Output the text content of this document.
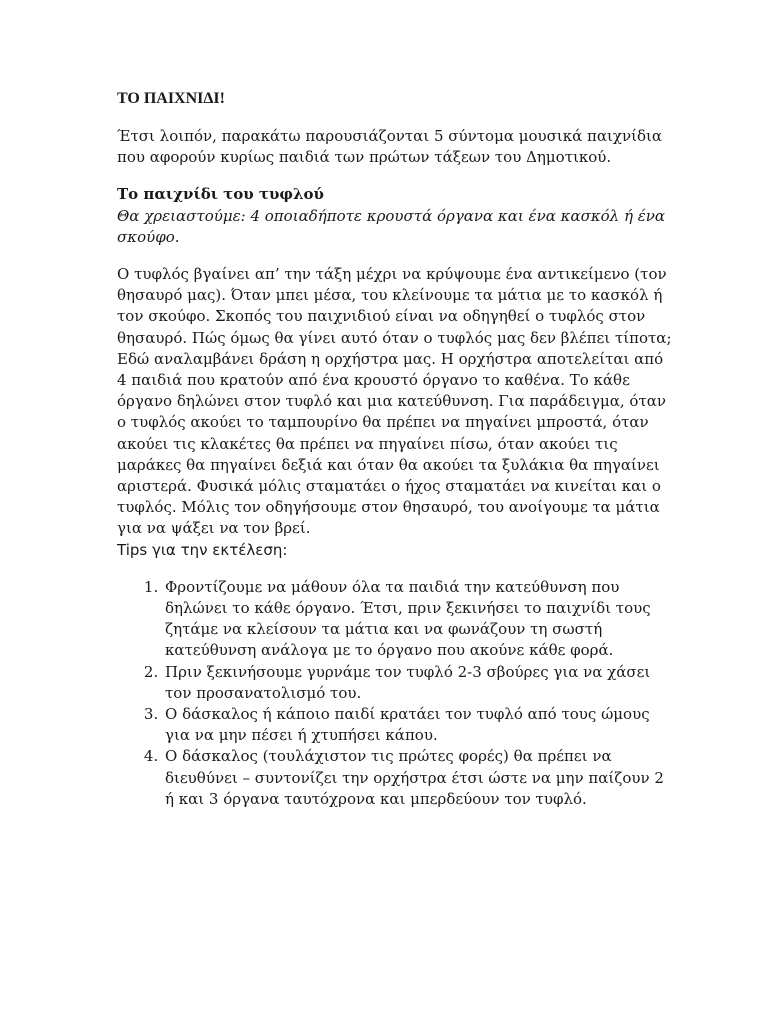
ΤΟ ΠΑΙΧΝΙΔΙ!

Έτσι λοιπόν, παρακάτω παρουσιάζονται 5 σύντομα μουσικά παιχνίδια που αφορούν κυρίως παιδιά των πρώτων τάξεων του Δημοτικού.

Το παιχνίδι του τυφλού

Θα χρειαστούμε: 4 οποιαδήποτε κρουστά όργανα και ένα κασκόλ ή ένα σκούφο.

Ο τυφλός βγαίνει απ’ την τάξη μέχρι να κρύψουμε ένα αντικείμενο (τον θησαυρό μας). Όταν μπει μέσα, του κλείνουμε τα μάτια με το κασκόλ ή τον σκούφο. Σκοπός του παιχνιδιού είναι να οδηγηθεί ο τυφλός στον θησαυρό. Πώς όμως θα γίνει αυτό όταν ο τυφλός μας δεν βλέπει τίποτα; Εδώ αναλαμβάνει δράση η ορχήστρα μας. Η ορχήστρα αποτελείται από 4 παιδιά που κρατούν από ένα κρουστό όργανο το καθένα. Το κάθε όργανο δηλώνει στον τυφλό και μια κατεύθυνση. Για παράδειγμα, όταν ο τυφλός ακούει το ταμπουρίνο θα πρέπει να πηγαίνει μπροστά, όταν ακούει τις κλακέτες θα πρέπει να πηγαίνει πίσω, όταν ακούει τις μαράκες θα πηγαίνει δεξιά και όταν θα ακούει τα ξυλάκια θα πηγαίνει αριστερά. Φυσικά μόλις σταματάει ο ήχος σταματάει να κινείται και ο τυφλός. Μόλις τον οδηγήσουμε στον θησαυρό, του ανοίγουμε τα μάτια για να ψάξει να τον βρεί.

Tips για την εκτέλεση:

1. Φροντίζουμε να μάθουν όλα τα παιδιά την κατεύθυνση που δηλώνει το κάθε όργανο. Έτσι, πριν ξεκινήσει το παιχνίδι τους ζητάμε να κλείσουν τα μάτια και να φωνάζουν τη σωστή κατεύθυνση ανάλογα με το όργανο που ακούνε κάθε φορά.
2. Πριν ξεκινήσουμε γυρνάμε τον τυφλό 2-3 σβούρες για να χάσει τον προσανατολισμό του.
3. Ο δάσκαλος ή κάποιο παιδί κρατάει τον τυφλό από τους ώμους για να μην πέσει ή χτυπήσει κάπου.
4. Ο δάσκαλος (τουλάχιστον τις πρώτες φορές) θα πρέπει να διευθύνει – συντονίζει την ορχήστρα έτσι ώστε να μην παίζουν 2 ή και 3 όργανα ταυτόχρονα και μπερδεύουν τον τυφλό.
